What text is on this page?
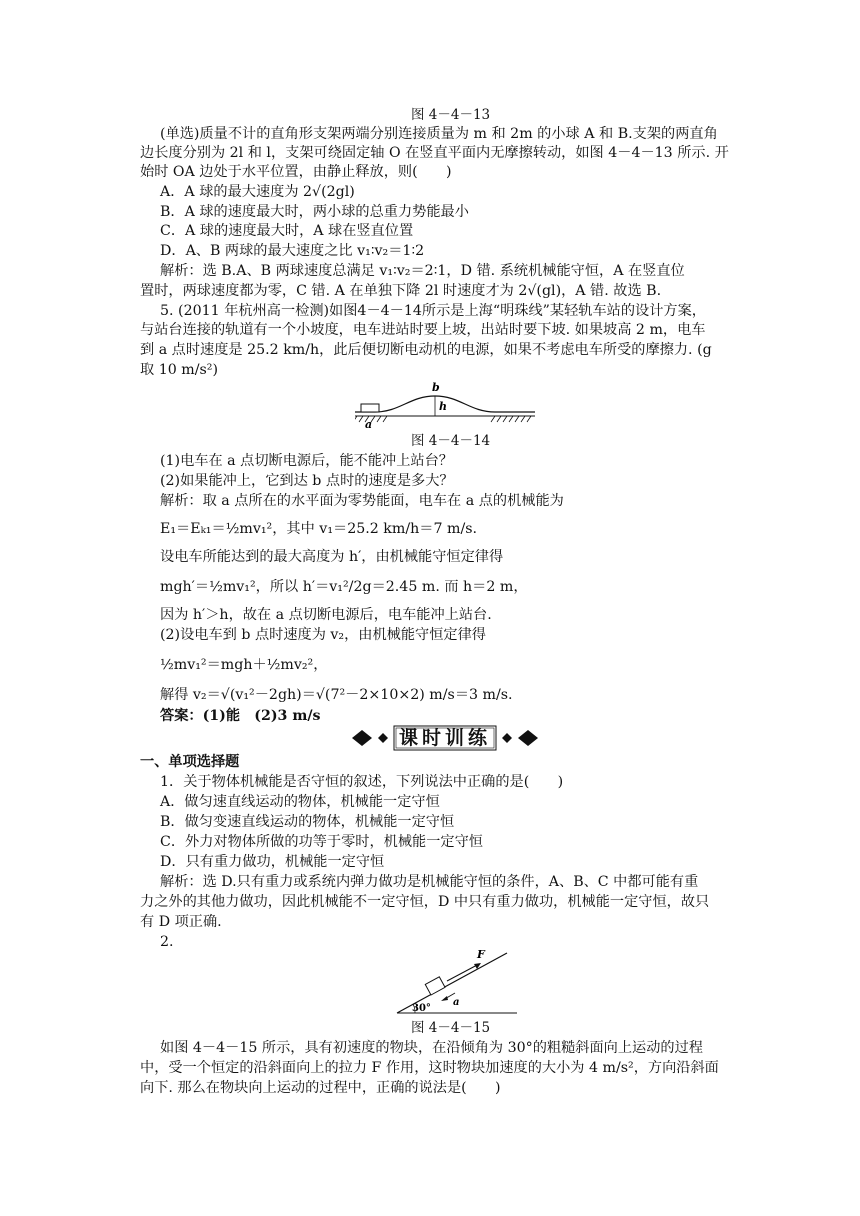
图 4－4－13
(单选)质量不计的直角形支架两端分别连接质量为 m 和 2m 的小球 A 和 B.支架的两直角
边长度分别为 2l 和 l，支架可绕固定轴 O 在竖直平面内无摩擦转动，如图 4－4－13 所示. 开
始时 OA 边处于水平位置，由静止释放，则(　　)
A．A 球的最大速度为 2√(2gl)
B．A 球的速度最大时，两小球的总重力势能最小
C．A 球的速度最大时，A 球在竖直位置
D．A、B 两球的最大速度之比 v₁∶v₂＝1∶2
解析：选 B.A、B 两球速度总满足 v₁∶v₂＝2∶1，D 错. 系统机械能守恒，A 在竖直位
置时，两球速度都为零，C 错. A 在单独下降 2l 时速度才为 2√(gl)，A 错. 故选 B.
5. (2011 年杭州高一检测)如图4－4－14所示是上海“明珠线”某轻轨车站的设计方案，
与站台连接的轨道有一个小坡度，电车进站时要上坡，出站时要下坡. 如果坡高 2 m，电车
到 a 点时速度是 25.2 km/h，此后便切断电动机的电源，如果不考虑电车所受的摩擦力. (g
取 10 m/s²)
图 4－4－14
(1)电车在 a 点切断电源后，能不能冲上站台？
(2)如果能冲上，它到达 b 点时的速度是多大？
解析：取 a 点所在的水平面为零势能面，电车在 a 点的机械能为
E₁＝Eₖ₁＝½mv₁²，其中 v₁＝25.2 km/h＝7 m/s.
设电车所能达到的最大高度为 h′，由机械能守恒定律得
mgh′＝½mv₁²，所以 h′＝v₁²/2g＝2.45 m. 而 h＝2 m，
因为 h′＞h，故在 a 点切断电源后，电车能冲上站台.
(2)设电车到 b 点时速度为 v₂，由机械能守恒定律得
½mv₁²＝mgh＋½mv₂²，
解得 v₂＝√(v₁²－2gh)＝√(7²－2×10×2) m/s＝3 m/s.
答案：(1)能　(2)3 m/s
一、单项选择题
1．关于物体机械能是否守恒的叙述，下列说法中正确的是(　　)
A．做匀速直线运动的物体，机械能一定守恒
B．做匀变速直线运动的物体，机械能一定守恒
C．外力对物体所做的功等于零时，机械能一定守恒
D．只有重力做功，机械能一定守恒
解析：选 D.只有重力或系统内弹力做功是机械能守恒的条件，A、B、C 中都可能有重
力之外的其他力做功，因此机械能不一定守恒，D 中只有重力做功，机械能一定守恒，故只
有 D 项正确.
2.
图 4－4－15
如图 4－4－15 所示，具有初速度的物块，在沿倾角为 30°的粗糙斜面向上运动的过程
中，受一个恒定的沿斜面向上的拉力 F 作用，这时物块加速度的大小为 4 m/s²，方向沿斜面
向下. 那么在物块向上运动的过程中，正确的说法是(　　)
b
h
a
课时训练
F
a
30°
